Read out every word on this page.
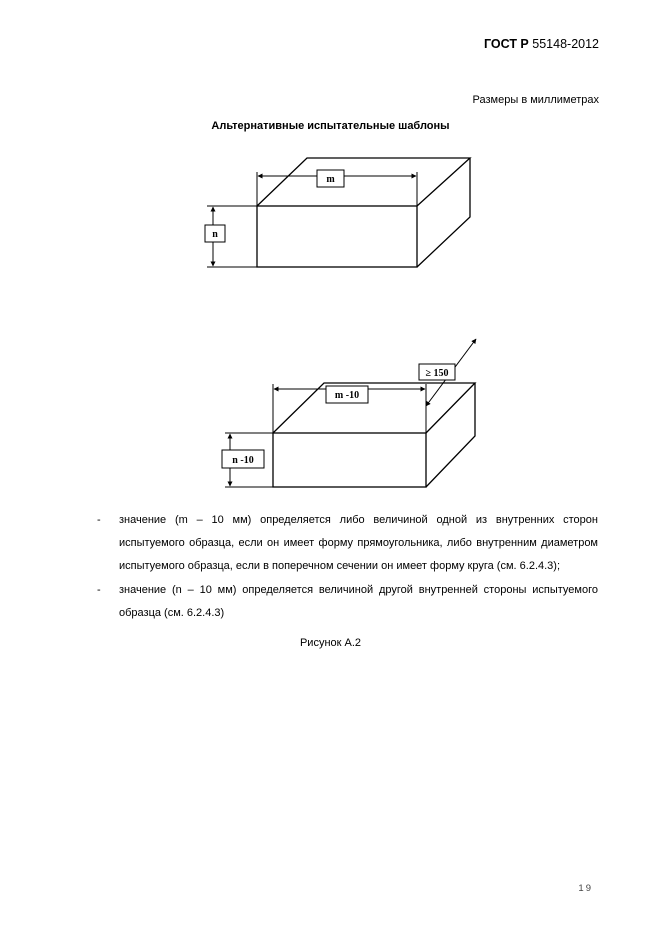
ГОСТ Р 55148-2012
Размеры в миллиметрах
Альтернативные испытательные шаблоны
m
n
m -10
≥ 150
n -10
- значение (m – 10 мм) определяется либо величиной одной из внутренних сторон испытуемого образца, если он имеет форму прямоугольника, либо внутренним диаметром испытуемого образца, если в поперечном сечении он имеет форму круга (см. 6.2.4.3);
- значение (n – 10 мм) определяется величиной другой внутренней стороны испытуемого образца (см. 6.2.4.3)
Рисунок А.2
19
